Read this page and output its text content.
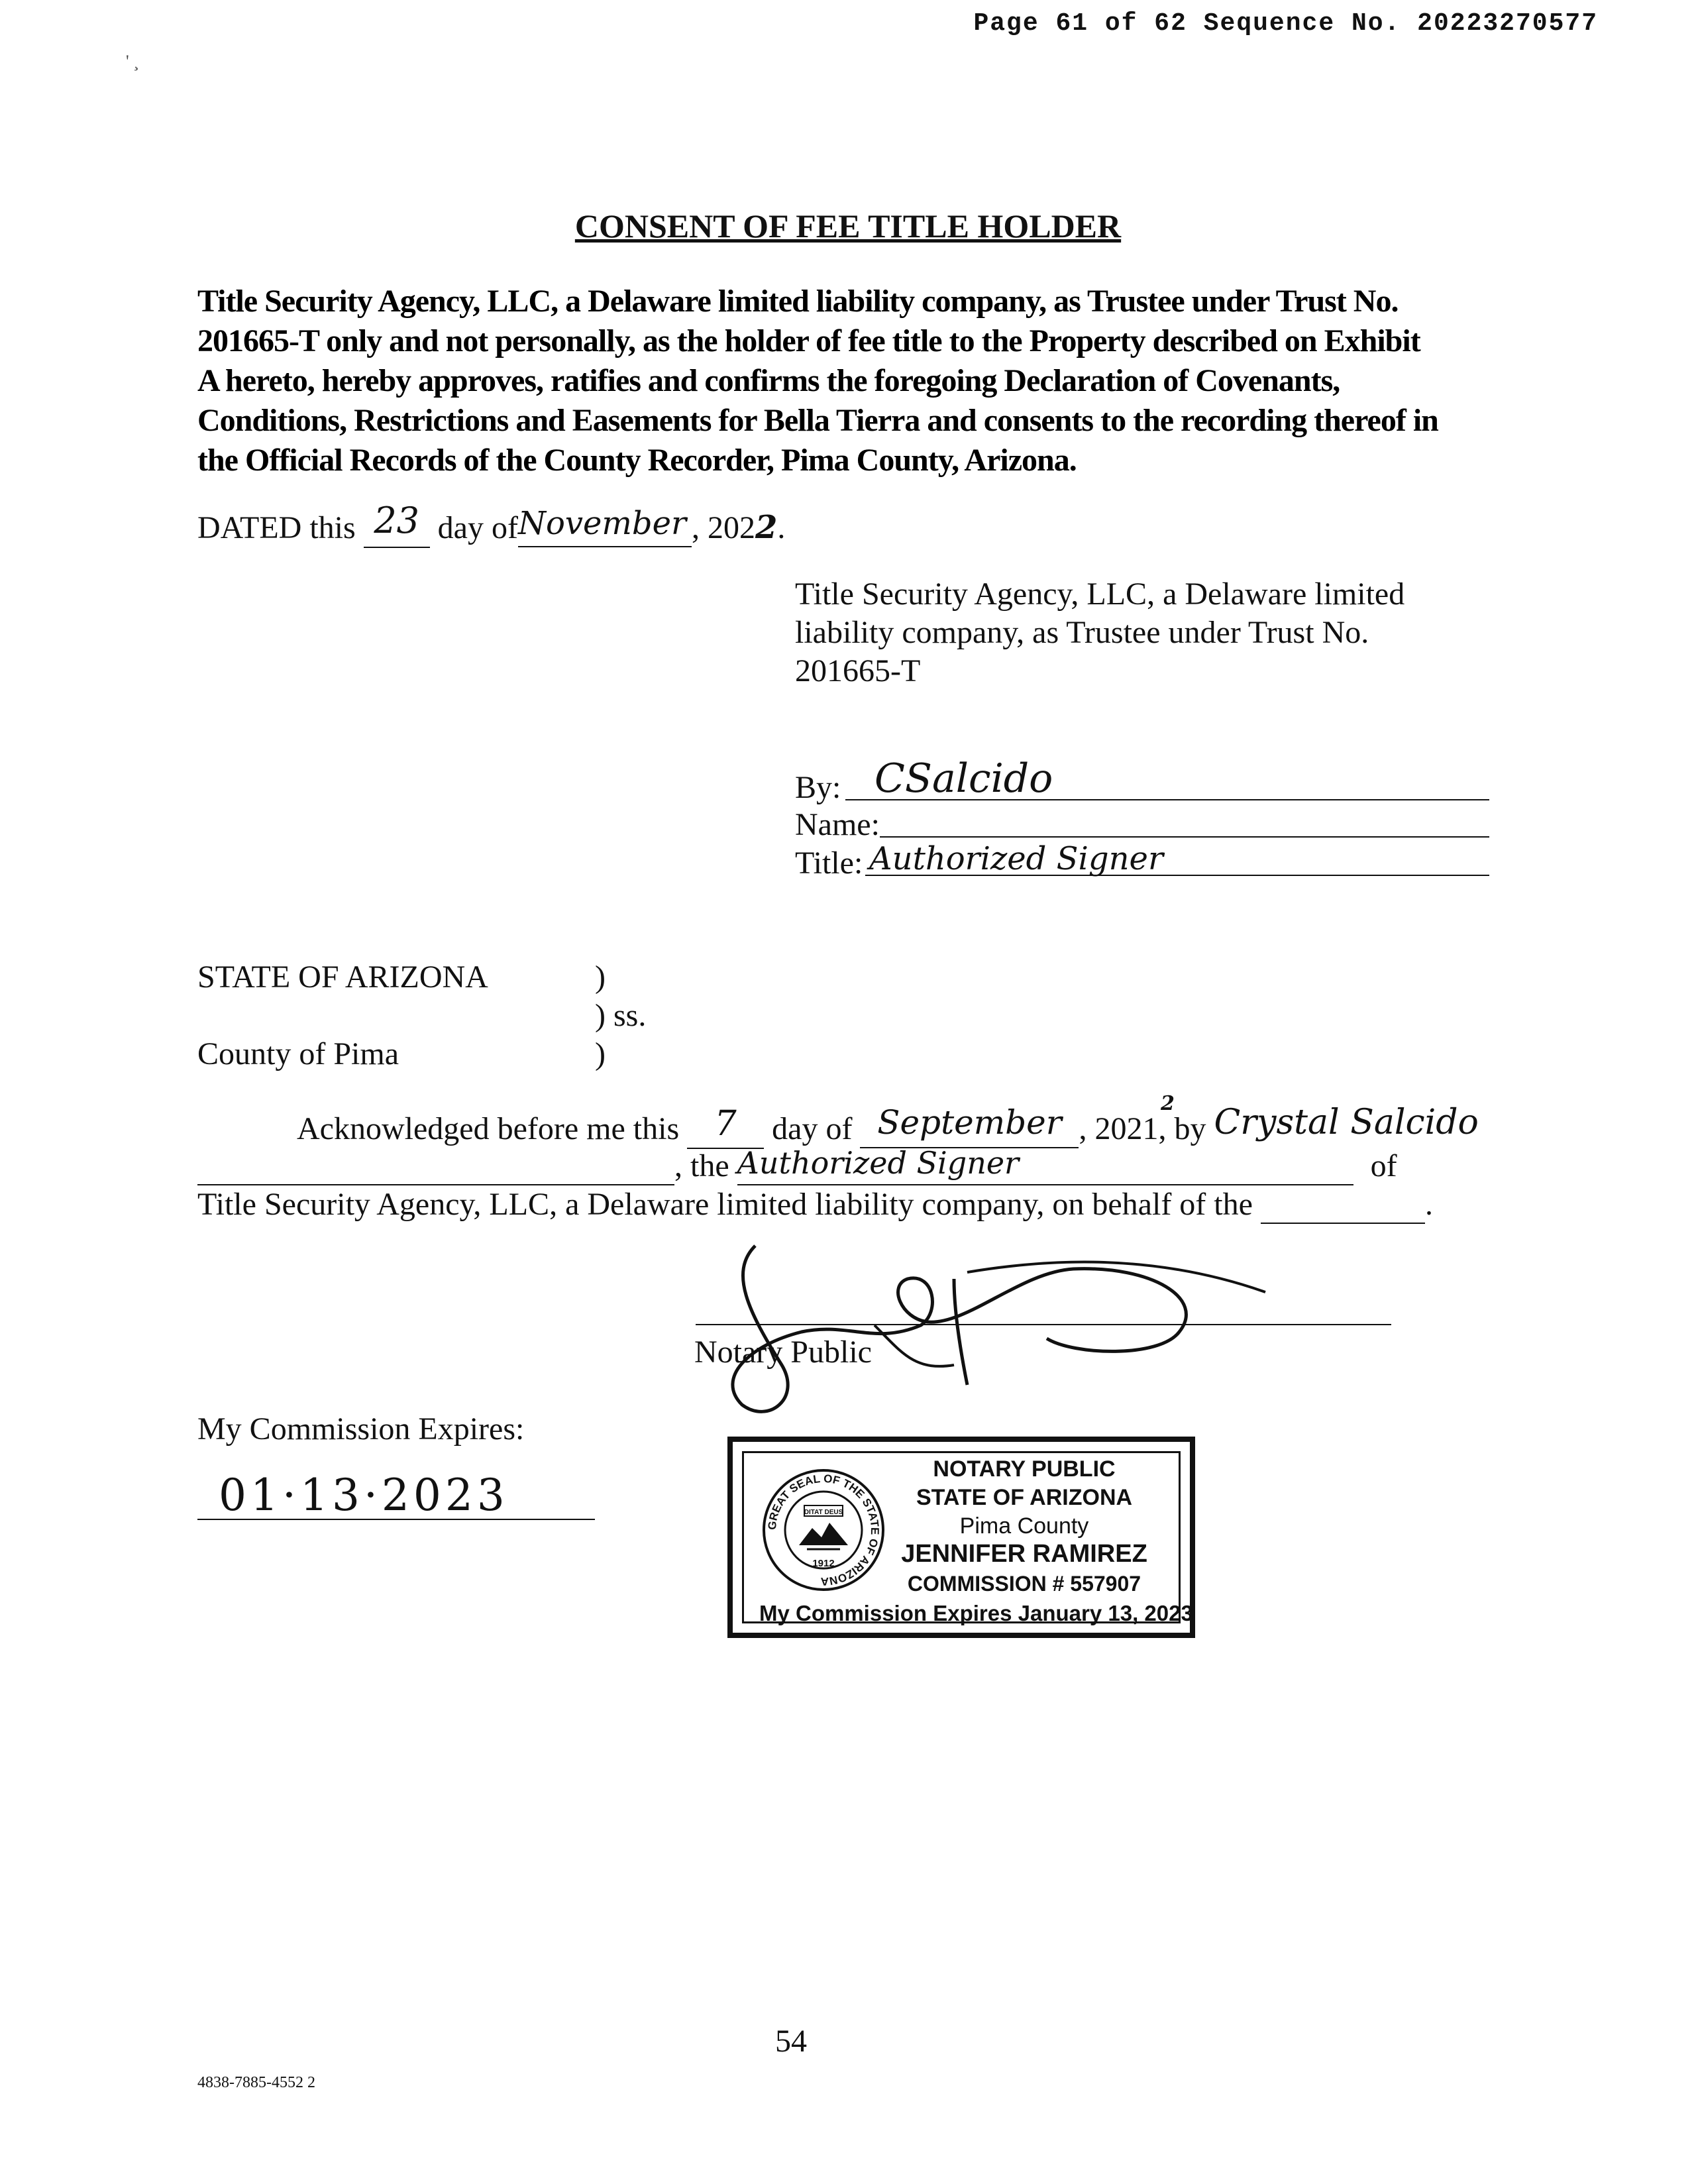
Page 61 of 62 Sequence No. 20223270577
' ¸
CONSENT OF FEE TITLE HOLDER
Title Security Agency, LLC, a Delaware limited liability company, as Trustee under Trust No.
201665-T only and not personally, as the holder of fee title to the Property described on Exhibit
A hereto, hereby approves, ratifies and confirms the foregoing Declaration of Covenants,
Conditions, Restrictions and Easements for Bella Tierra and consents to the recording thereof in
the Official Records of the County Recorder, Pima County, Arizona.
DATED this 23 day ofNovember , 2022.
Title Security Agency, LLC, a Delaware limited
liability company, as Trustee under Trust No.
201665-T
By: CSalcido
Name:
Title: Authorized Signer
STATE OF ARIZONA	)
) ss.
County of Pima	)
Acknowledged before me this 7 day of September , 2021, by Crystal Salcido
2
, the Authorized Signer	of
Title Security Agency, LLC, a Delaware limited liability company, on behalf of the	.
Notary Public
My Commission Expires:
01·13·2023
GREAT SEAL OF THE STATE OF ARIZONA
DITAT DEUS
1912
NOTARY PUBLIC
STATE OF ARIZONA
Pima County
JENNIFER RAMIREZ
COMMISSION # 557907
My Commission Expires January 13, 2023
54
4838-7885-4552 2
